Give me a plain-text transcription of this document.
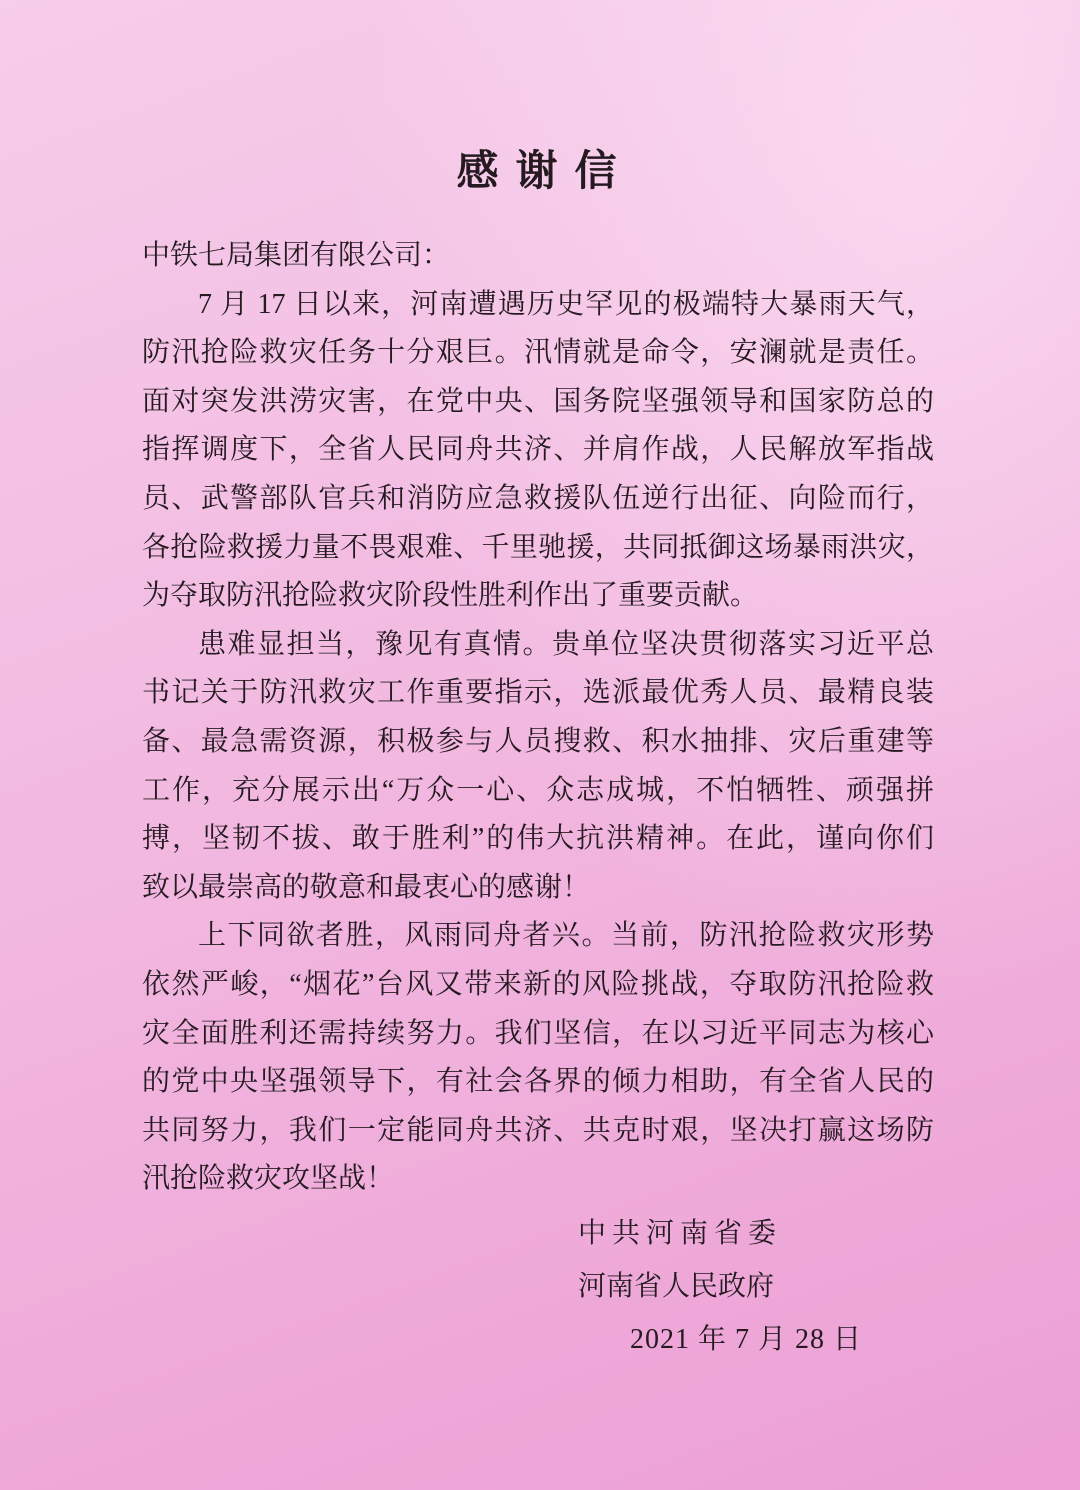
感谢信
中铁七局集团有限公司：
7 月 17 日以来，河南遭遇历史罕见的极端特大暴雨天气，
防汛抢险救灾任务十分艰巨。汛情就是命令，安澜就是责任。
面对突发洪涝灾害，在党中央、国务院坚强领导和国家防总的
指挥调度下，全省人民同舟共济、并肩作战，人民解放军指战
员、武警部队官兵和消防应急救援队伍逆行出征、向险而行，
各抢险救援力量不畏艰难、千里驰援，共同抵御这场暴雨洪灾，
为夺取防汛抢险救灾阶段性胜利作出了重要贡献。
患难显担当，豫见有真情。贵单位坚决贯彻落实习近平总
书记关于防汛救灾工作重要指示，选派最优秀人员、最精良装
备、最急需资源，积极参与人员搜救、积水抽排、灾后重建等
工作，充分展示出“万众一心、众志成城，不怕牺牲、顽强拼
搏，坚韧不拔、敢于胜利”的伟大抗洪精神。在此，谨向你们
致以最崇高的敬意和最衷心的感谢！
上下同欲者胜，风雨同舟者兴。当前，防汛抢险救灾形势
依然严峻，“烟花”台风又带来新的风险挑战，夺取防汛抢险救
灾全面胜利还需持续努力。我们坚信，在以习近平同志为核心
的党中央坚强领导下，有社会各界的倾力相助，有全省人民的
共同努力，我们一定能同舟共济、共克时艰，坚决打赢这场防
汛抢险救灾攻坚战！
中共河南省委
河南省人民政府
2021 年 7 月 28 日
